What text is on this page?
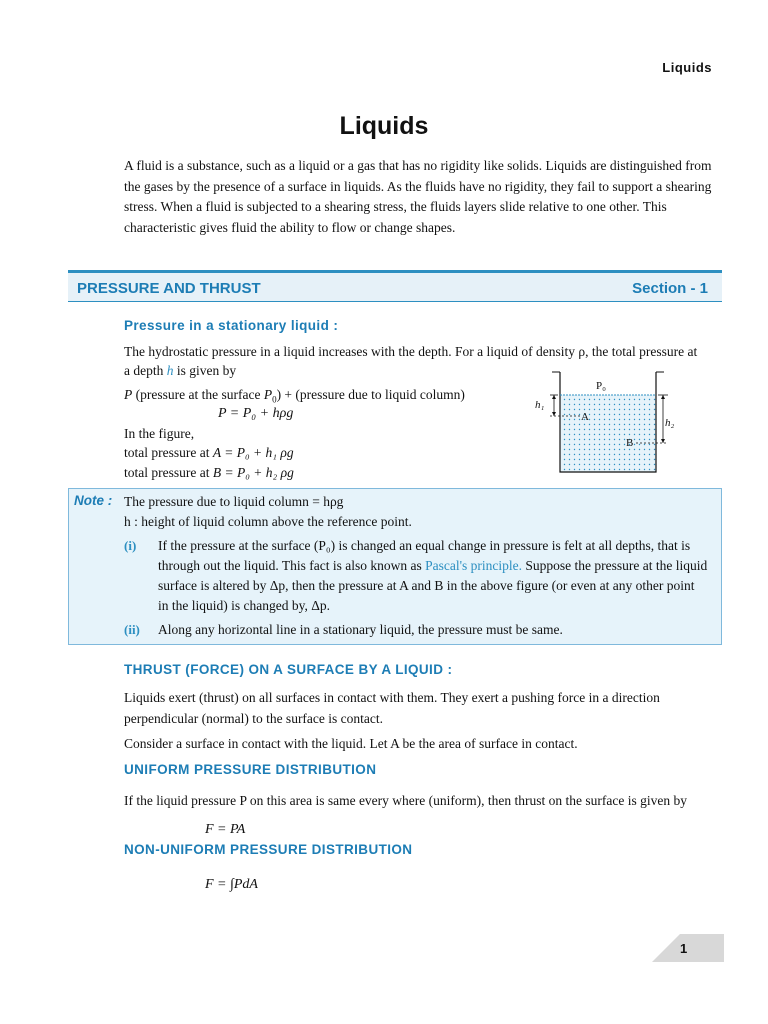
Liquids
Liquids
A fluid is a substance, such as a liquid or a gas that has no rigidity like solids. Liquids are distinguished from the gases by the presence of a surface in liquids. As the fluids have no rigidity, they fail to support a shearing stress. When a fluid is subjected to a shearing stress, the fluids layers slide relative to one other. This characteristic gives fluid the ability to flow or change shapes.
PRESSURE AND THRUST	Section - 1
Pressure in a stationary liquid :
The hydrostatic pressure in a liquid increases with the depth. For a liquid of density ρ, the total pressure at
a depth h is given by
P (pressure at the surface $P_0$) + (pressure due to liquid column)
P = P₀ + hρg
In the figure,
total pressure at A = P₀ + h₁ ρg
total pressure at B = P₀ + h₂ ρg
P₀
h₁
A	h₂
B
Note : The pressure due to liquid column = hρg
h : height of liquid column above the reference point.
(i) If the pressure at the surface (P₀) is changed an equal change in pressure is felt at all depths, that is
through out the liquid. This fact is also known as Pascal's principle. Suppose the pressure at the liquid
surface is altered by Δp, then the pressure at A and B in the above figure (or even at any other point
in the liquid) is changed by, Δp.
(ii) Along any horizontal line in a stationary liquid, the pressure must be same.
THRUST (FORCE) ON A SURFACE BY A LIQUID :
Liquids exert (thrust) on all surfaces in contact with them. They exert a pushing force in a direction perpendicular (normal) to the surface is contact.
Consider a surface in contact with the liquid. Let A be the area of surface in contact.
UNIFORM PRESSURE DISTRIBUTION
If the liquid pressure P on this area is same every where (uniform), then thrust on the surface is given by
F = PA
NON-UNIFORM PRESSURE DISTRIBUTION
F = ∫PdA
1
